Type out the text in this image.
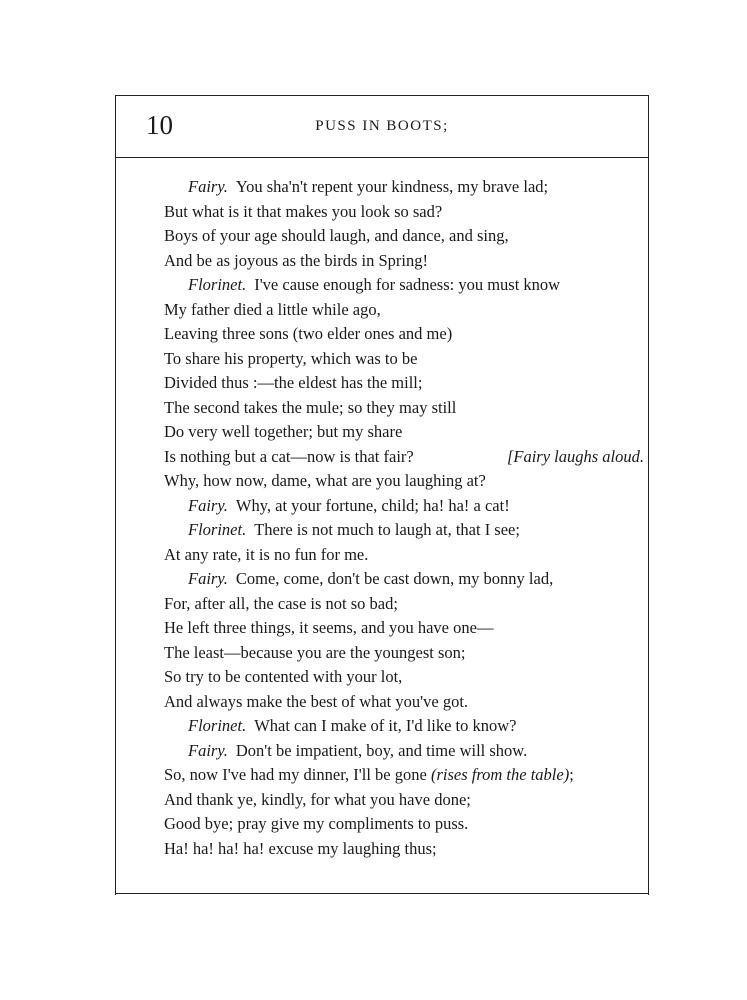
10	PUSS IN BOOTS;

Fairy. You sha'n't repent your kindness, my brave lad;

But what is it that makes you look so sad?

Boys of your age should laugh, and dance, and sing,

And be as joyous as the birds in Spring!

Florinet. I've cause enough for sadness: you must know

My father died a little while ago,

Leaving three sons (two elder ones and me)

To share his property, which was to be

Divided thus :—the eldest has the mill;

The second takes the mule; so they may still

Do very well together; but my share

Is nothing but a cat—now is that fair?	[Fairy laughs aloud.

Why, how now, dame, what are you laughing at?

Fairy. Why, at your fortune, child; ha! ha! a cat!

Florinet. There is not much to laugh at, that I see;

At any rate, it is no fun for me.

Fairy. Come, come, don't be cast down, my bonny lad,

For, after all, the case is not so bad;

He left three things, it seems, and you have one—

The least—because you are the youngest son;

So try to be contented with your lot,

And always make the best of what you've got.

Florinet. What can I make of it, I'd like to know?

Fairy. Don't be impatient, boy, and time will show.

So, now I've had my dinner, I'll be gone (rises from the table);

And thank ye, kindly, for what you have done;

Good bye; pray give my compliments to puss.

Ha! ha! ha! ha! excuse my laughing thus;
